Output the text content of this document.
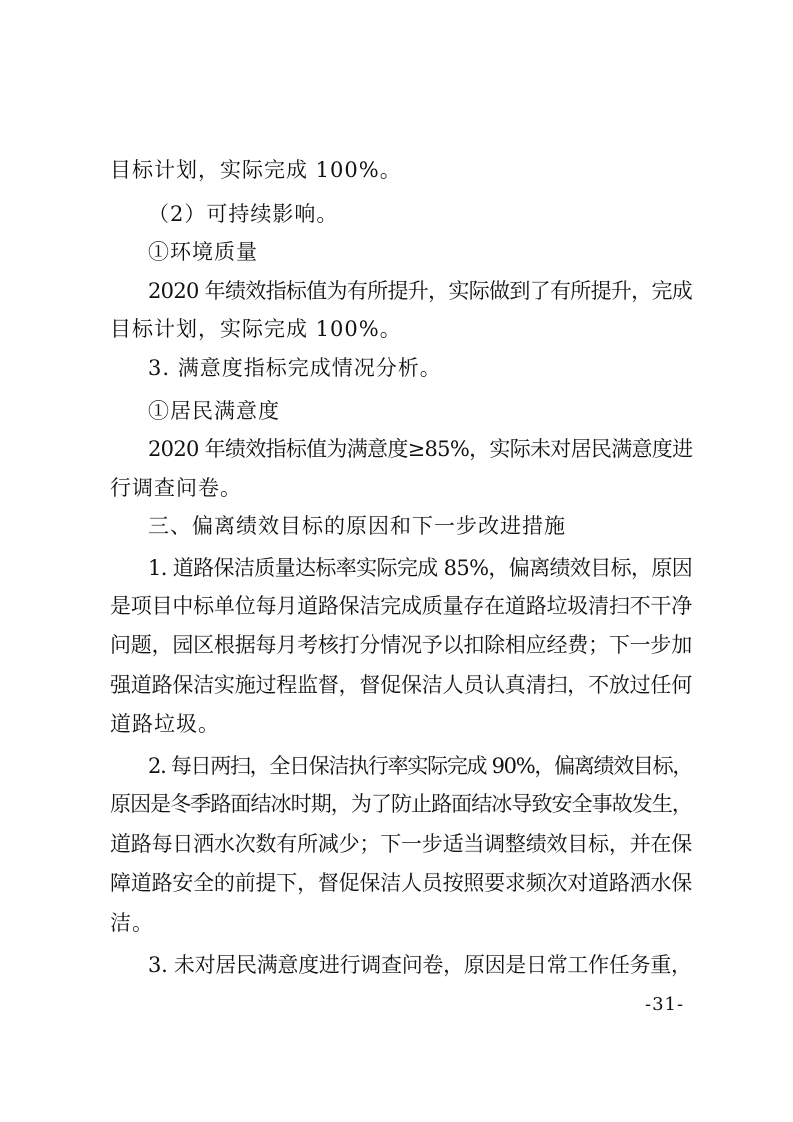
目标计划，实际完成 100%。
（2）可持续影响。
①环境质量
2020 年绩效指标值为有所提升，实际做到了有所提升，完成
目标计划，实际完成 100%。
3. 满意度指标完成情况分析。
①居民满意度
2020 年绩效指标值为满意度≥85%，实际未对居民满意度进
行调查问卷。
三、偏离绩效目标的原因和下一步改进措施
1. 道路保洁质量达标率实际完成 85%，偏离绩效目标，原因
是项目中标单位每月道路保洁完成质量存在道路垃圾清扫不干净
问题，园区根据每月考核打分情况予以扣除相应经费；下一步加
强道路保洁实施过程监督，督促保洁人员认真清扫，不放过任何
道路垃圾。
2. 每日两扫，全日保洁执行率实际完成 90%，偏离绩效目标，
原因是冬季路面结冰时期，为了防止路面结冰导致安全事故发生，
道路每日洒水次数有所减少；下一步适当调整绩效目标，并在保
障道路安全的前提下，督促保洁人员按照要求频次对道路洒水保
洁。
3. 未对居民满意度进行调查问卷，原因是日常工作任务重，
-31-
